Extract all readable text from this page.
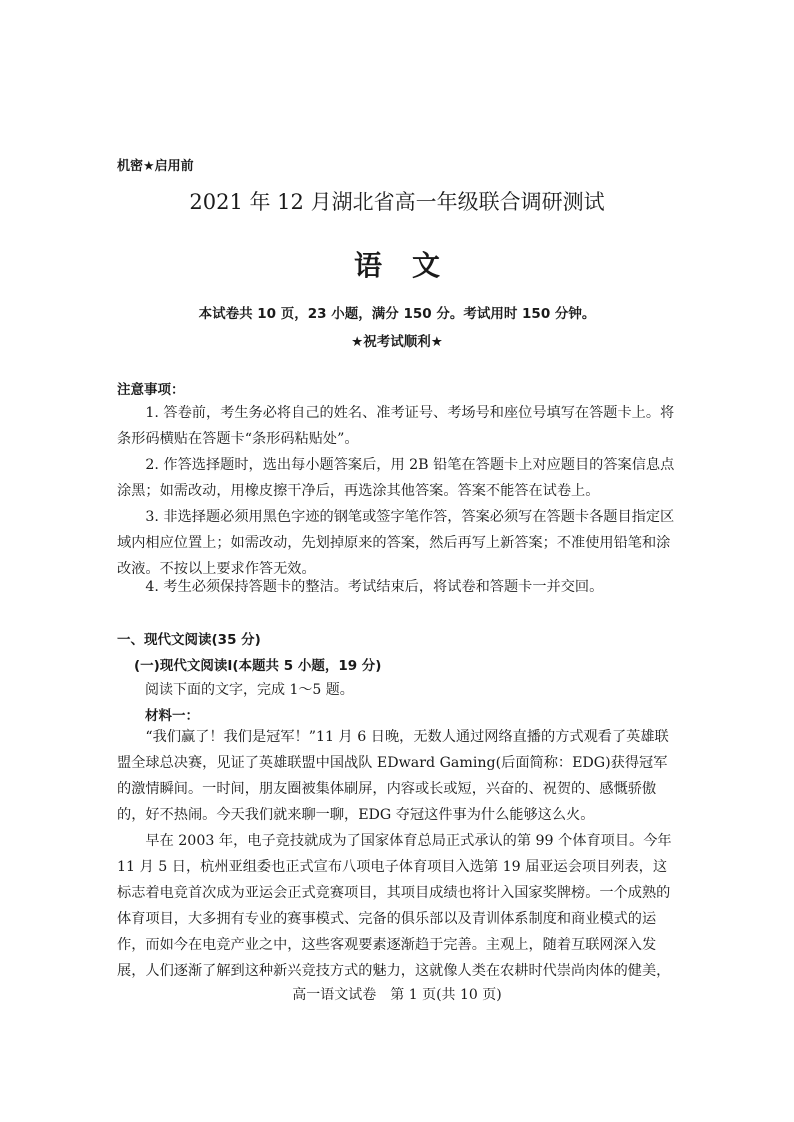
机密★启用前
2021 年 12 月湖北省高一年级联合调研测试
语文
本试卷共 10 页，23 小题，满分 150 分。考试用时 150 分钟。
★祝考试顺利★

注意事项：

1. 答卷前，考生务必将自己的姓名、准考证号、考场号和座位号填写在答题卡上。将条形码横贴在答题卡“条形码粘贴处”。

2. 作答选择题时，选出每小题答案后，用 2B 铅笔在答题卡上对应题目的答案信息点涂黑；如需改动，用橡皮擦干净后，再选涂其他答案。答案不能答在试卷上。

3. 非选择题必须用黑色字迹的钢笔或签字笔作答，答案必须写在答题卡各题目指定区域内相应位置上；如需改动，先划掉原来的答案，然后再写上新答案；不准使用铅笔和涂改液。不按以上要求作答无效。

4. 考生必须保持答题卡的整洁。考试结束后，将试卷和答题卡一并交回。

一、现代文阅读(35 分)

(一)现代文阅读Ⅰ(本题共 5 小题，19 分)

阅读下面的文字，完成 1～5 题。

材料一：

“我们赢了！我们是冠军！”11 月 6 日晚，无数人通过网络直播的方式观看了英雄联盟全球总决赛，见证了英雄联盟中国战队 EDward Gaming(后面简称：EDG)获得冠军的激情瞬间。一时间，朋友圈被集体刷屏，内容或长或短，兴奋的、祝贺的、感慨骄傲的，好不热闹。今天我们就来聊一聊，EDG 夺冠这件事为什么能够这么火。

早在 2003 年，电子竞技就成为了国家体育总局正式承认的第 99 个体育项目。今年 11 月 5 日，杭州亚组委也正式宣布八项电子体育项目入选第 19 届亚运会项目列表，这标志着电竞首次成为亚运会正式竞赛项目，其项目成绩也将计入国家奖牌榜。一个成熟的体育项目，大多拥有专业的赛事模式、完备的俱乐部以及青训体系制度和商业模式的运作，而如今在电竞产业之中，这些客观要素逐渐趋于完善。主观上，随着互联网深入发展，人们逐渐了解到这种新兴竞技方式的魅力，这就像人类在农耕时代崇尚肉体的健美，

高一语文试卷　第 1 页(共 10 页)
